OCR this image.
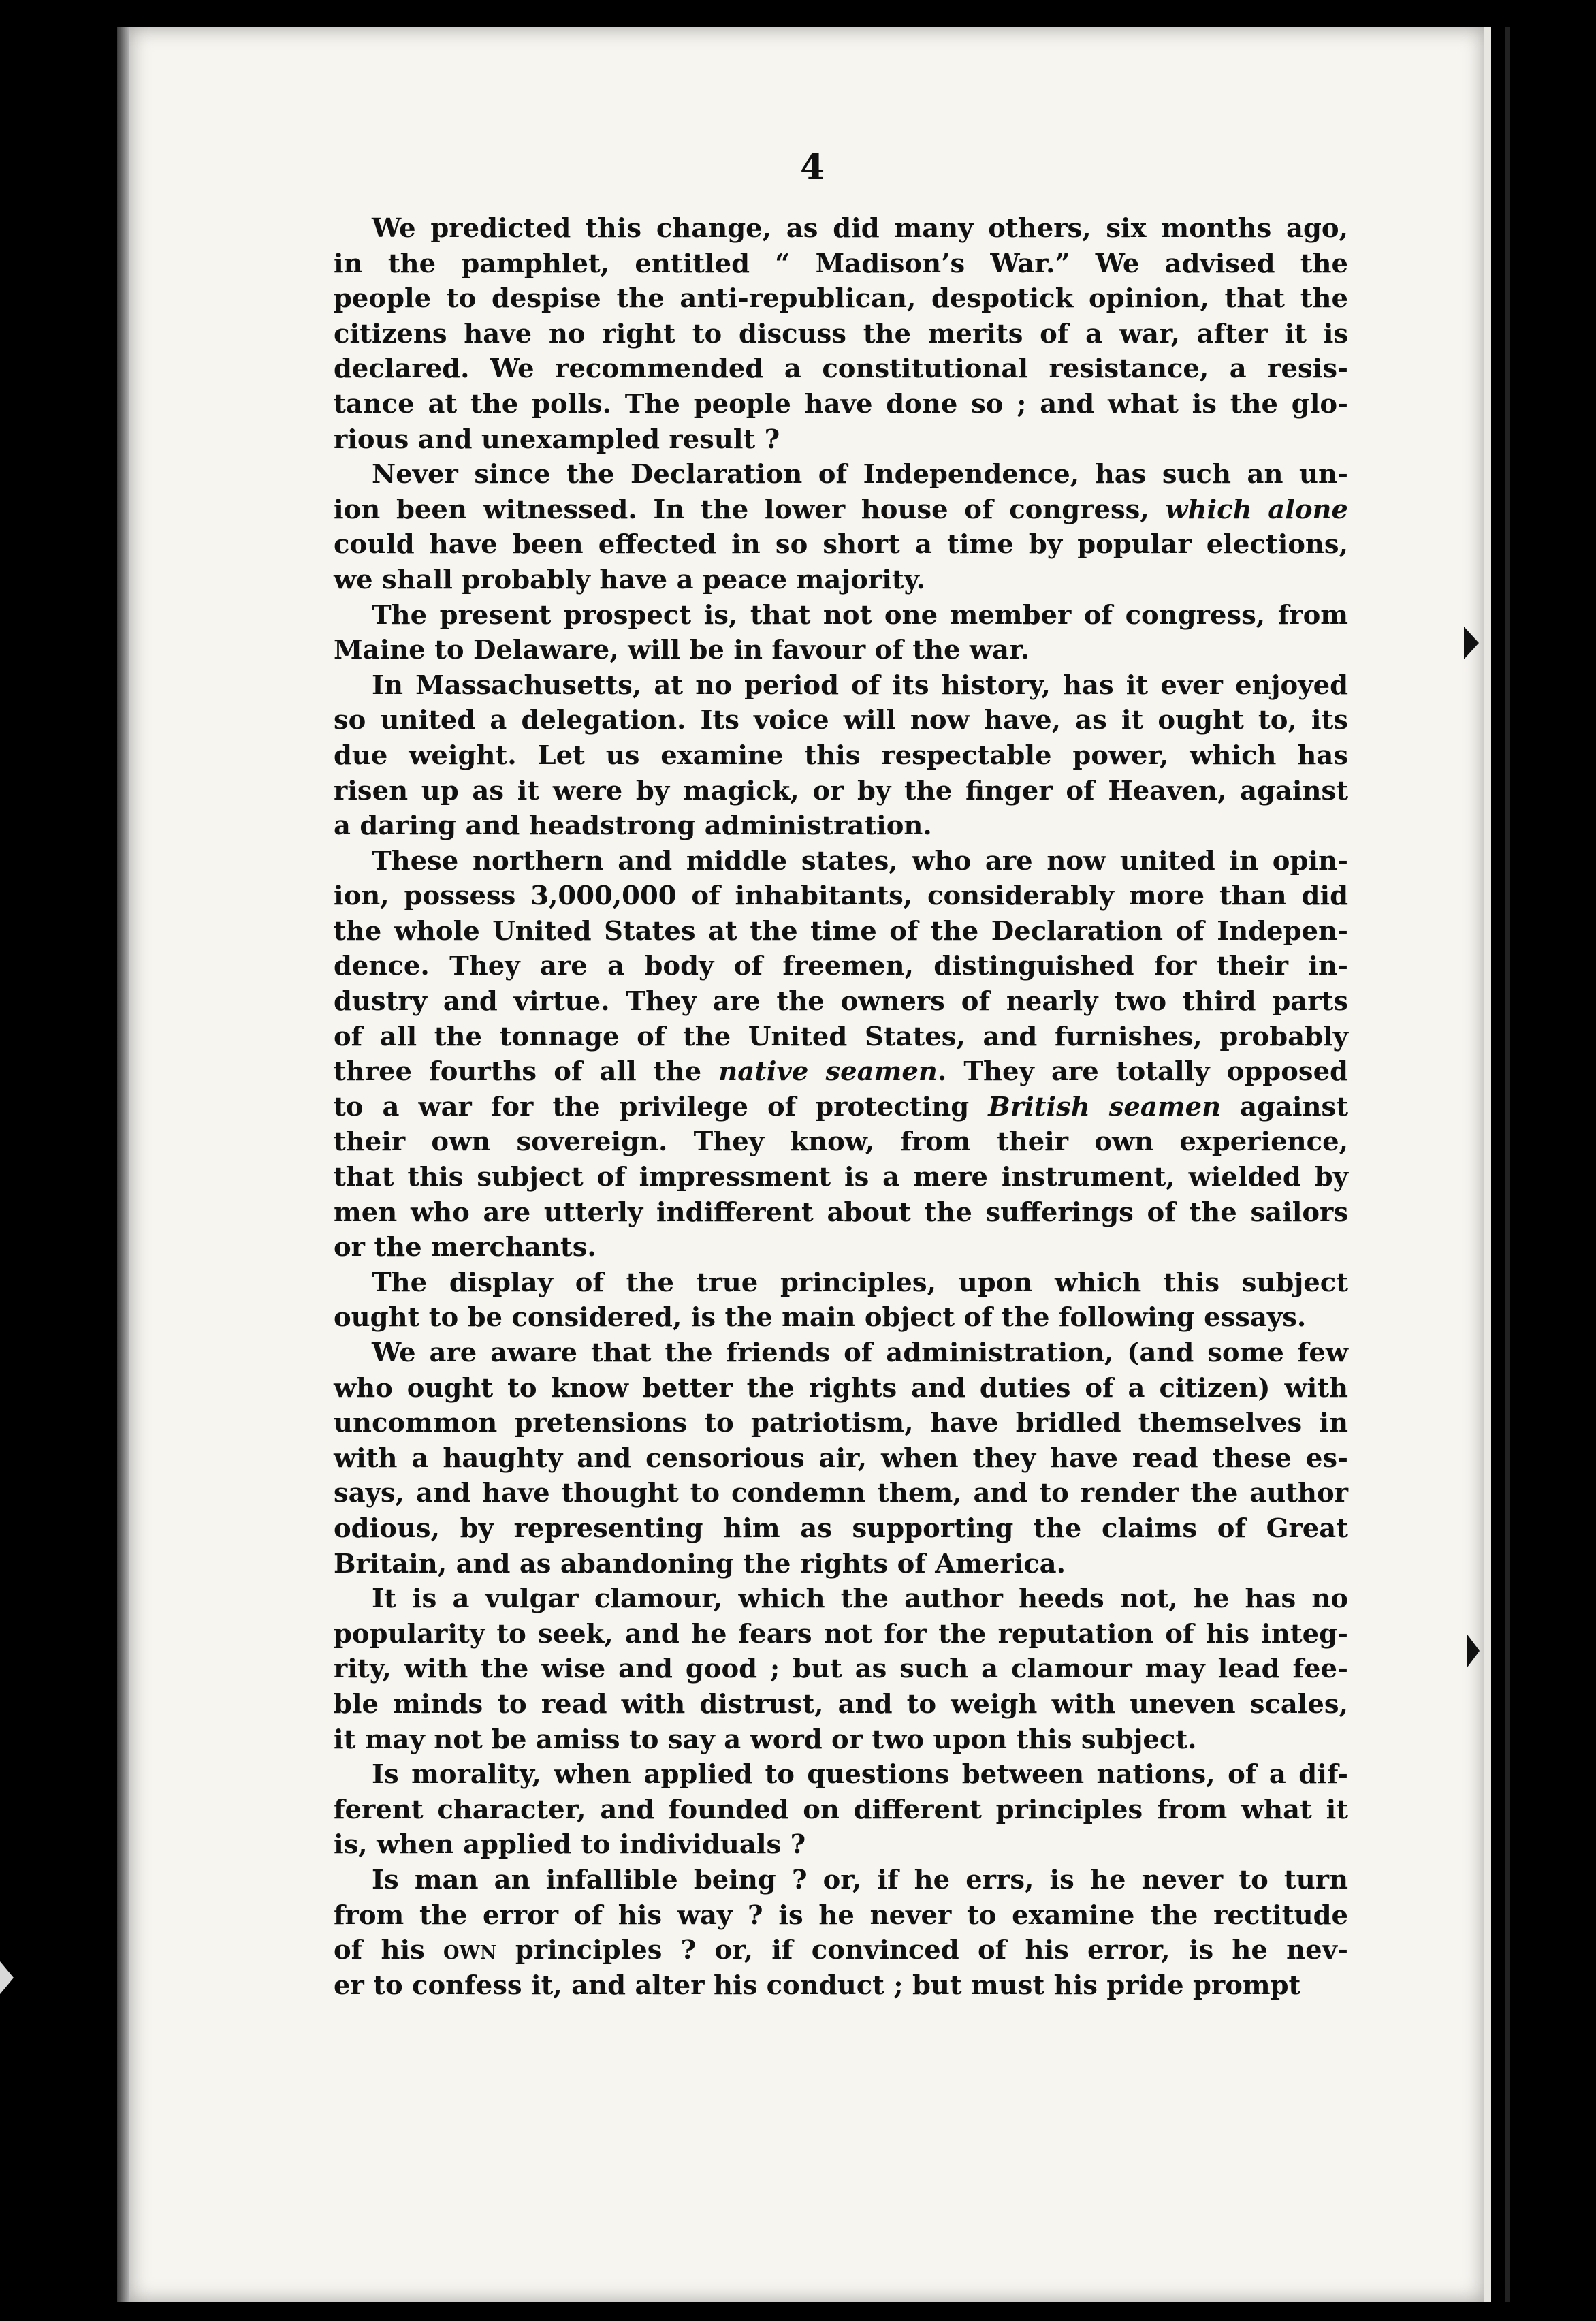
4

We predicted this change, as did many others, six months ago,
in the pamphlet, entitled “ Madison’s War.” We advised the
people to despise the anti-republican, despotick opinion, that the
citizens have no right to discuss the merits of a war, after it is
declared. We recommended a constitutional resistance, a resis-
tance at the polls. The people have done so ; and what is the glo-
rious and unexampled result ?

Never since the Declaration of Independence, has such an un-
ion been witnessed. In the lower house of congress, which alone
could have been effected in so short a time by popular elections,
we shall probably have a peace majority.

The present prospect is, that not one member of congress, from
Maine to Delaware, will be in favour of the war.

In Massachusetts, at no period of its history, has it ever enjoyed
so united a delegation. Its voice will now have, as it ought to, its
due weight. Let us examine this respectable power, which has
risen up as it were by magick, or by the finger of Heaven, against
a daring and headstrong administration.

These northern and middle states, who are now united in opin-
ion, possess 3,000,000 of inhabitants, considerably more than did
the whole United States at the time of the Declaration of Indepen-
dence. They are a body of freemen, distinguished for their in-
dustry and virtue. They are the owners of nearly two third parts
of all the tonnage of the United States, and furnishes, probably
three fourths of all the native seamen. They are totally opposed
to a war for the privilege of protecting British seamen against
their own sovereign. They know, from their own experience,
that this subject of impressment is a mere instrument, wielded by
men who are utterly indifferent about the sufferings of the sailors
or the merchants.

The display of the true principles, upon which this subject
ought to be considered, is the main object of the following essays.

We are aware that the friends of administration, (and some few
who ought to know better the rights and duties of a citizen) with
uncommon pretensions to patriotism, have bridled themselves in
with a haughty and censorious air, when they have read these es-
says, and have thought to condemn them, and to render the author
odious, by representing him as supporting the claims of Great
Britain, and as abandoning the rights of America.

It is a vulgar clamour, which the author heeds not, he has no
popularity to seek, and he fears not for the reputation of his integ-
rity, with the wise and good ; but as such a clamour may lead fee-
ble minds to read with distrust, and to weigh with uneven scales,
it may not be amiss to say a word or two upon this subject.

Is morality, when applied to questions between nations, of a dif-
ferent character, and founded on different principles from what it
is, when applied to individuals ?

Is man an infallible being ? or, if he errs, is he never to turn
from the error of his way ? is he never to examine the rectitude
of his own principles ? or, if convinced of his error, is he nev-
er to confess it, and alter his conduct ; but must his pride prompt
